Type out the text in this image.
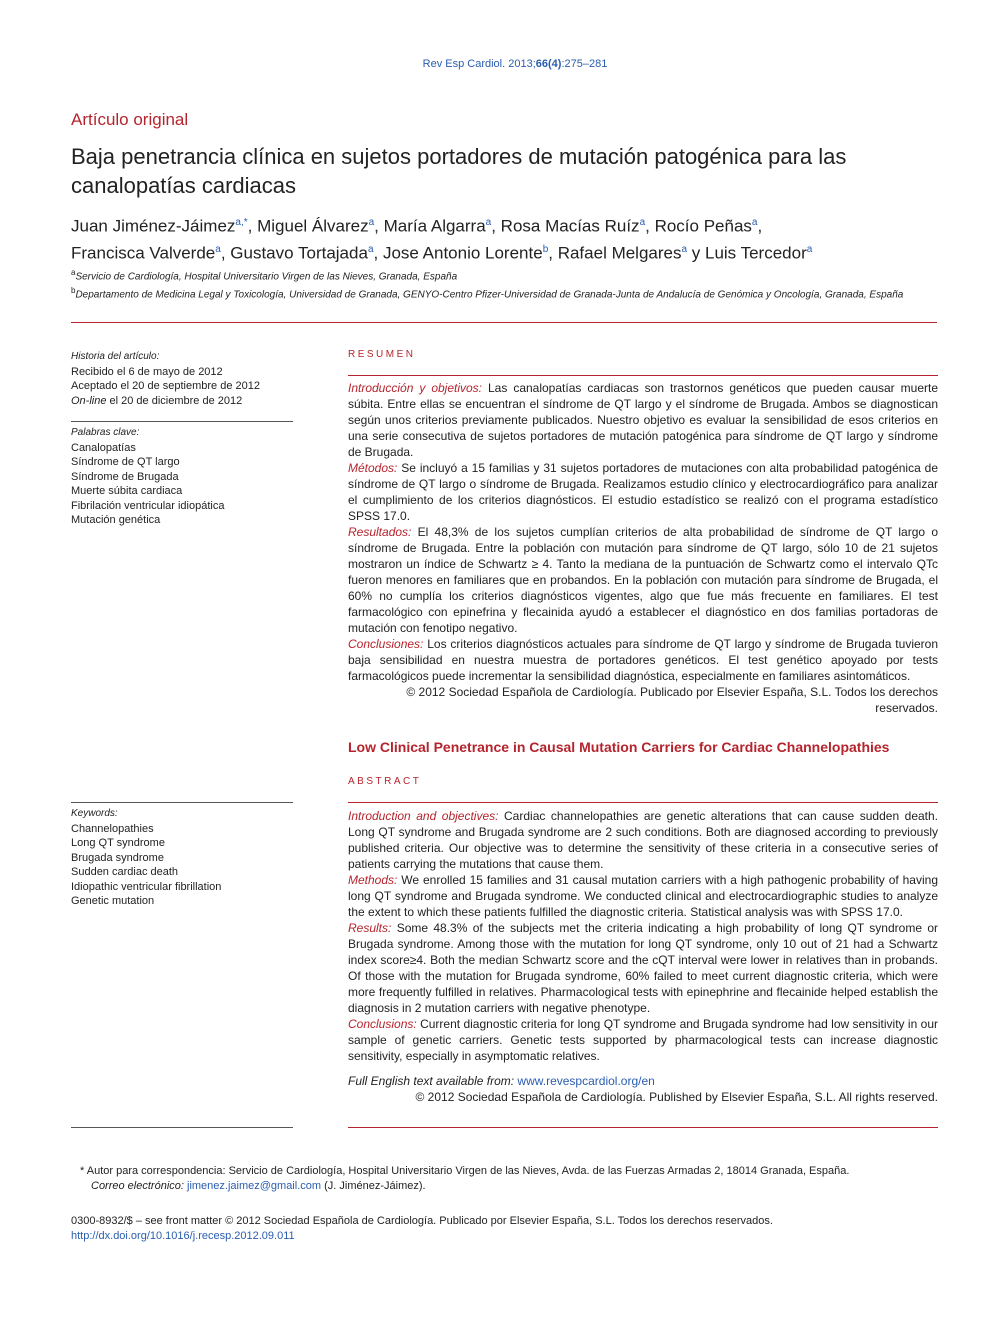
Rev Esp Cardiol. 2013;66(4):275–281
Artículo original
Baja penetrancia clínica en sujetos portadores de mutación patogénica para las canalopatías cardiacas
Juan Jiménez-Jáimez$^{a,*}$, Miguel Álvarez$^a$, María Algarra$^a$, Rosa Macías Ruíz$^a$, Rocío Peñas$^a$,
Francisca Valverde$^a$, Gustavo Tortajada$^a$, Jose Antonio Lorente$^b$, Rafael Melgares$^a$ y Luis Tercedor$^a$
$^a$Servicio de Cardiología, Hospital Universitario Virgen de las Nieves, Granada, España
$^b$Departamento de Medicina Legal y Toxicología, Universidad de Granada, GENYO-Centro Pfizer-Universidad de Granada-Junta de Andalucía de Genómica y Oncología, Granada, España
Historia del artículo:
Recibido el 6 de mayo de 2012
Aceptado el 20 de septiembre de 2012
On-line el 20 de diciembre de 2012
Palabras clave:
Canalopatías
Síndrome de QT largo
Síndrome de Brugada
Muerte súbita cardiaca
Fibrilación ventricular idiopática
Mutación genética
Keywords:
Channelopathies
Long QT syndrome
Brugada syndrome
Sudden cardiac death
Idiopathic ventricular fibrillation
Genetic mutation
RESUMEN

Introducción y objetivos: Las canalopatías cardiacas son trastornos genéticos que pueden causar muerte súbita. Entre ellas se encuentran el síndrome de QT largo y el síndrome de Brugada. Ambos se diagnostican según unos criterios previamente publicados. Nuestro objetivo es evaluar la sensibilidad de esos criterios en una serie consecutiva de sujetos portadores de mutación patogénica para síndrome de QT largo y síndrome de Brugada.

Métodos: Se incluyó a 15 familias y 31 sujetos portadores de mutaciones con alta probabilidad patogénica de síndrome de QT largo o síndrome de Brugada. Realizamos estudio clínico y electrocardiográfico para analizar el cumplimiento de los criterios diagnósticos. El estudio estadístico se realizó con el programa estadístico SPSS 17.0.

Resultados: El 48,3% de los sujetos cumplían criterios de alta probabilidad de síndrome de QT largo o síndrome de Brugada. Entre la población con mutación para síndrome de QT largo, sólo 10 de 21 sujetos mostraron un índice de Schwartz ≥ 4. Tanto la mediana de la puntuación de Schwartz como el intervalo QTc fueron menores en familiares que en probandos. En la población con mutación para síndrome de Brugada, el 60% no cumplía los criterios diagnósticos vigentes, algo que fue más frecuente en familiares. El test farmacológico con epinefrina y flecainida ayudó a establecer el diagnóstico en dos familias portadoras de mutación con fenotipo negativo.

Conclusiones: Los criterios diagnósticos actuales para síndrome de QT largo y síndrome de Brugada tuvieron baja sensibilidad en nuestra muestra de portadores genéticos. El test genético apoyado por tests farmacológicos puede incrementar la sensibilidad diagnóstica, especialmente en familiares asintomáticos.

© 2012 Sociedad Española de Cardiología. Publicado por Elsevier España, S.L. Todos los derechos reservados.

Low Clinical Penetrance in Causal Mutation Carriers for Cardiac Channelopathies
ABSTRACT

Introduction and objectives: Cardiac channelopathies are genetic alterations that can cause sudden death. Long QT syndrome and Brugada syndrome are 2 such conditions. Both are diagnosed according to previously published criteria. Our objective was to determine the sensitivity of these criteria in a consecutive series of patients carrying the mutations that cause them.

Methods: We enrolled 15 families and 31 causal mutation carriers with a high pathogenic probability of having long QT syndrome and Brugada syndrome. We conducted clinical and electrocardiographic studies to analyze the extent to which these patients fulfilled the diagnostic criteria. Statistical analysis was with SPSS 17.0.

Results: Some 48.3% of the subjects met the criteria indicating a high probability of long QT syndrome or Brugada syndrome. Among those with the mutation for long QT syndrome, only 10 out of 21 had a Schwartz index score≥4. Both the median Schwartz score and the cQT interval were lower in relatives than in probands. Of those with the mutation for Brugada syndrome, 60% failed to meet current diagnostic criteria, which were more frequently fulfilled in relatives. Pharmacological tests with epinephrine and flecainide helped establish the diagnosis in 2 mutation carriers with negative phenotype.

Conclusions: Current diagnostic criteria for long QT syndrome and Brugada syndrome had low sensitivity in our sample of genetic carriers. Genetic tests supported by pharmacological tests can increase diagnostic sensitivity, especially in asymptomatic relatives.

Full English text available from: www.revespcardiol.org/en

© 2012 Sociedad Española de Cardiología. Published by Elsevier España, S.L. All rights reserved.

* Autor para correspondencia: Servicio de Cardiología, Hospital Universitario Virgen de las Nieves, Avda. de las Fuerzas Armadas 2, 18014 Granada, España.
Correo electrónico: jimenez.jaimez@gmail.com (J. Jiménez-Jáimez).
0300-8932/$ – see front matter © 2012 Sociedad Española de Cardiología. Publicado por Elsevier España, S.L. Todos los derechos reservados.
http://dx.doi.org/10.1016/j.recesp.2012.09.011
